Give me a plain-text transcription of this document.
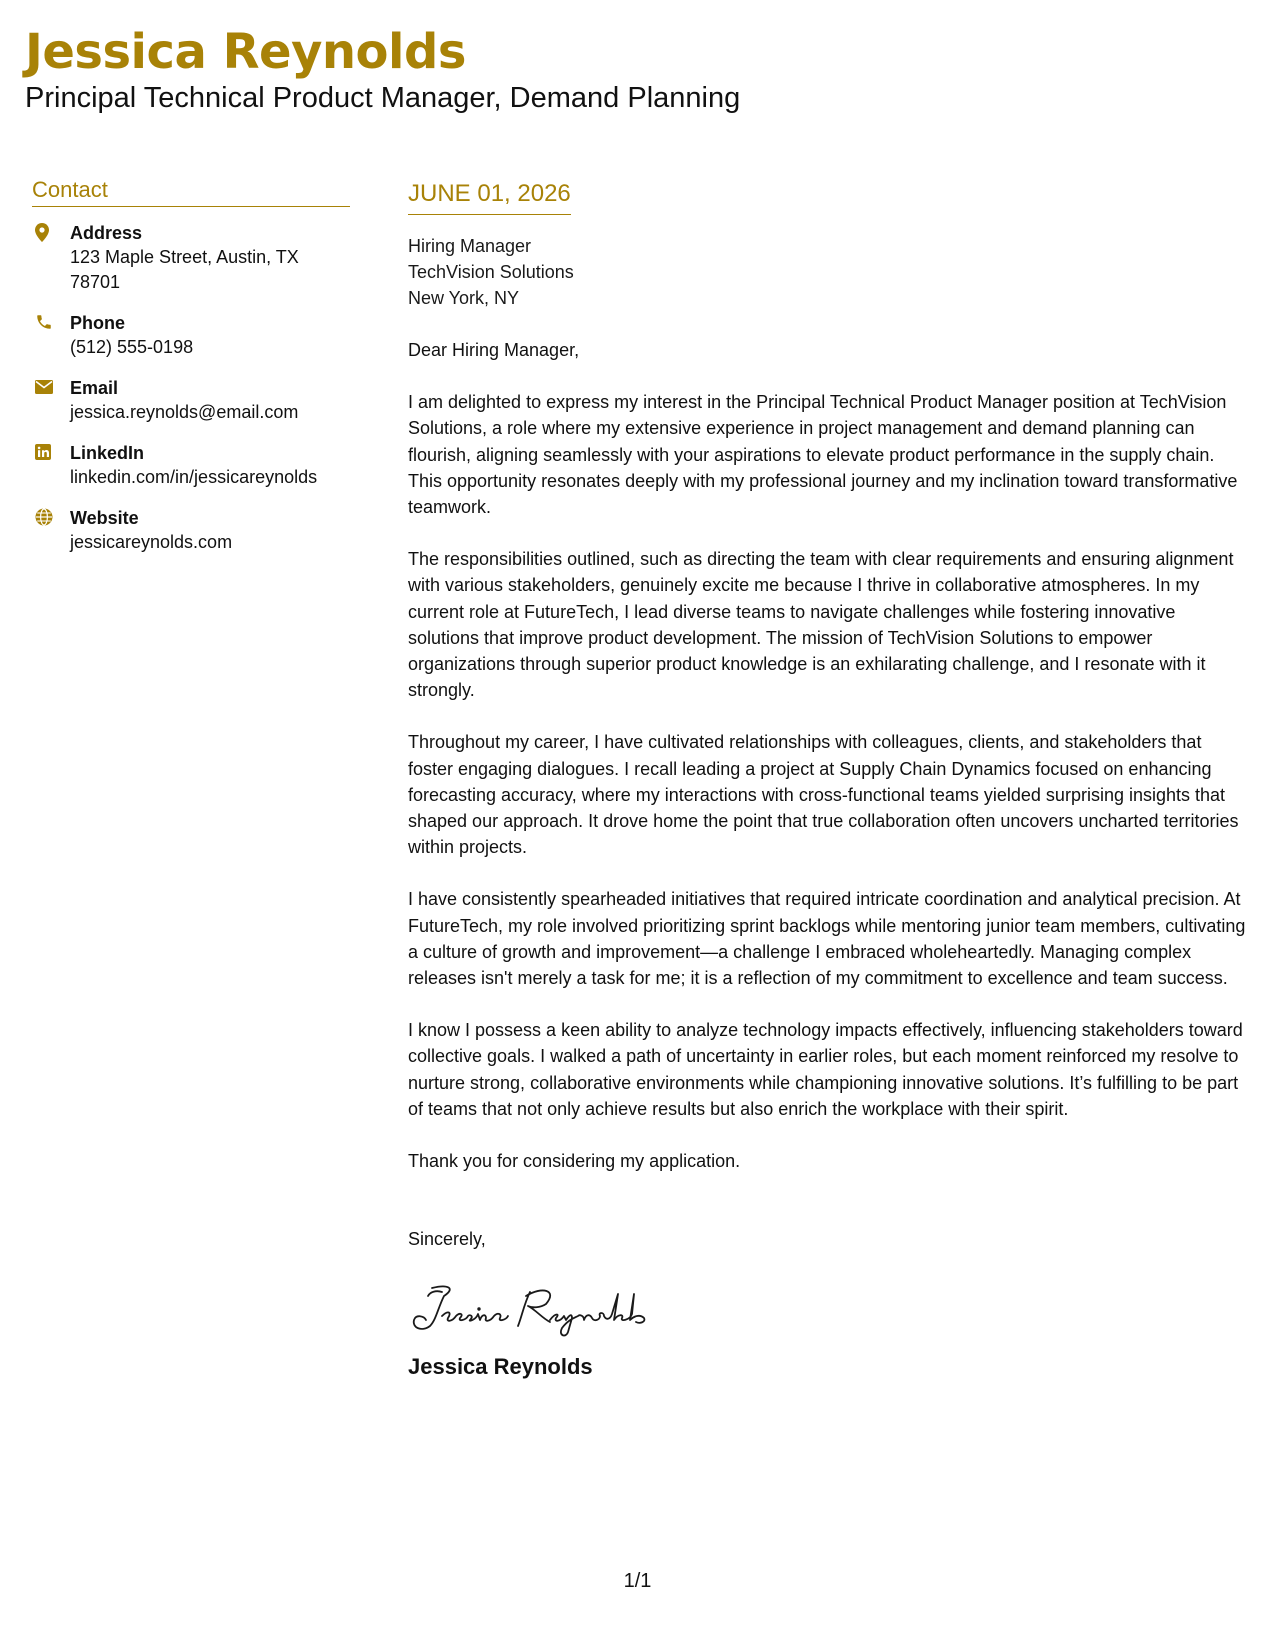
Jessica Reynolds
Principal Technical Product Manager, Demand Planning
Contact
Address
123 Maple Street, Austin, TX 78701
Phone
(512) 555-0198
Email
jessica.reynolds@email.com
LinkedIn
linkedin.com/in/jessicareynolds
Website
jessicareynolds.com
JUNE 01, 2026
Hiring Manager
TechVision Solutions
New York, NY
Dear Hiring Manager,
I am delighted to express my interest in the Principal Technical Product Manager position at TechVision Solutions, a role where my extensive experience in project management and demand planning can flourish, aligning seamlessly with your aspirations to elevate product performance in the supply chain. This opportunity resonates deeply with my professional journey and my inclination toward transformative teamwork.
The responsibilities outlined, such as directing the team with clear requirements and ensuring alignment with various stakeholders, genuinely excite me because I thrive in collaborative atmospheres. In my current role at FutureTech, I lead diverse teams to navigate challenges while fostering innovative solutions that improve product development. The mission of TechVision Solutions to empower organizations through superior product knowledge is an exhilarating challenge, and I resonate with it strongly.
Throughout my career, I have cultivated relationships with colleagues, clients, and stakeholders that foster engaging dialogues. I recall leading a project at Supply Chain Dynamics focused on enhancing forecasting accuracy, where my interactions with cross-functional teams yielded surprising insights that shaped our approach. It drove home the point that true collaboration often uncovers uncharted territories within projects.
I have consistently spearheaded initiatives that required intricate coordination and analytical precision. At FutureTech, my role involved prioritizing sprint backlogs while mentoring junior team members, cultivating a culture of growth and improvement—a challenge I embraced wholeheartedly. Managing complex releases isn't merely a task for me; it is a reflection of my commitment to excellence and team success.
I know I possess a keen ability to analyze technology impacts effectively, influencing stakeholders toward collective goals. I walked a path of uncertainty in earlier roles, but each moment reinforced my resolve to nurture strong, collaborative environments while championing innovative solutions. It’s fulfilling to be part of teams that not only achieve results but also enrich the workplace with their spirit.
Thank you for considering my application.
Sincerely,
Jessica Reynolds
1/1
